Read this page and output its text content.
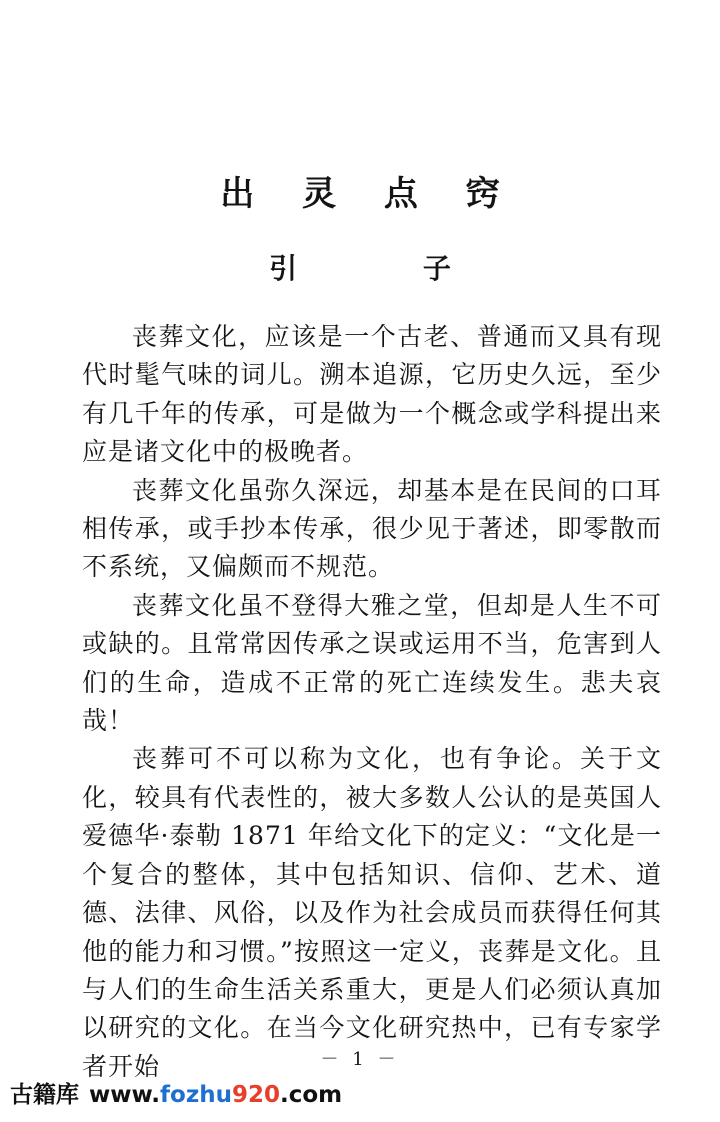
出 灵 点 窍
引 子

丧葬文化，应该是一个古老、普通而又具有现代时髦气味的词儿。溯本追源，它历史久远，至少有几千年的传承，可是做为一个概念或学科提出来应是诸文化中的极晚者。

丧葬文化虽弥久深远，却基本是在民间的口耳相传承，或手抄本传承，很少见于著述，即零散而不系统，又偏颇而不规范。

丧葬文化虽不登得大雅之堂，但却是人生不可或缺的。且常常因传承之误或运用不当，危害到人们的生命，造成不正常的死亡连续发生。悲夫哀哉！

丧葬可不可以称为文化，也有争论。关于文化，较具有代表性的，被大多数人公认的是英国人爱德华·泰勒 1871 年给文化下的定义：“文化是一个复合的整体，其中包括知识、信仰、艺术、道德、法律、风俗，以及作为社会成员而获得任何其他的能力和习惯。”按照这一定义，丧葬是文化。且与人们的生命生活关系重大，更是人们必须认真加以研究的文化。在当今文化研究热中，已有专家学者开始	－ 1 －
古籍库 www.fozhu920.com
